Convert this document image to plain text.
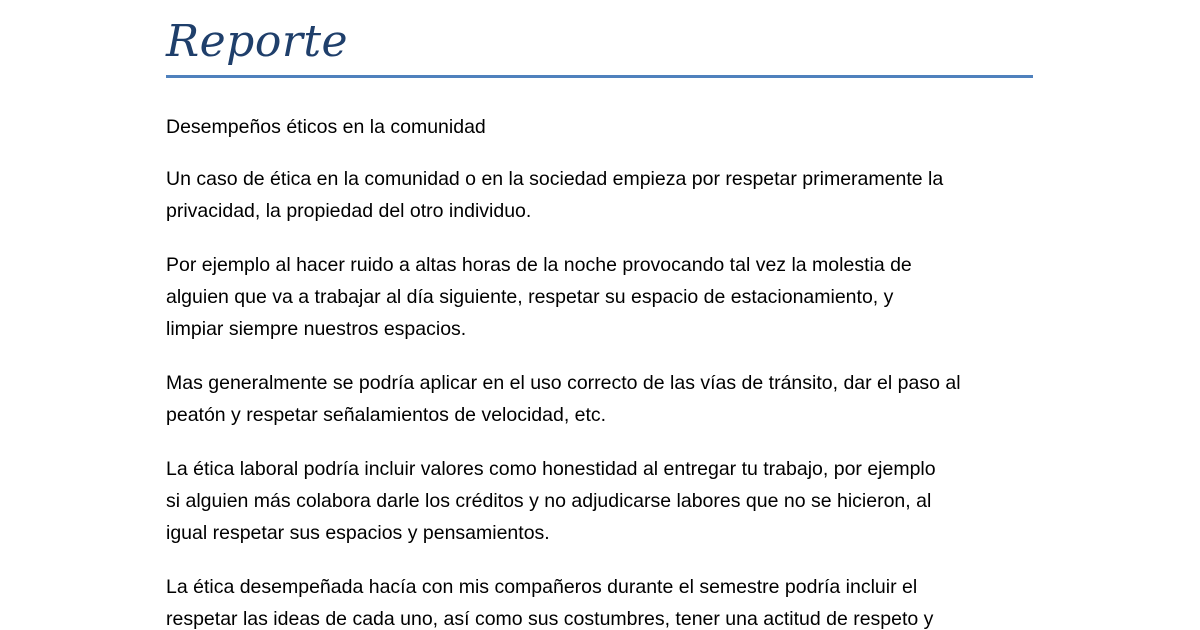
Reporte

Desempeños éticos en la comunidad

Un caso de ética en la comunidad o en la sociedad empieza por respetar primeramente la
privacidad, la propiedad del otro individuo.

Por ejemplo al hacer ruido a altas horas de la noche provocando tal vez la molestia de
alguien que va a trabajar al día siguiente, respetar su espacio de estacionamiento, y
limpiar siempre nuestros espacios.

Mas generalmente se podría aplicar en el uso correcto de las vías de tránsito, dar el paso al
peatón y respetar señalamientos de velocidad, etc.

La ética laboral podría incluir valores como honestidad al entregar tu trabajo, por ejemplo
si alguien más colabora darle los créditos y no adjudicarse labores que no se hicieron, al
igual respetar sus espacios y pensamientos.

La ética desempeñada hacía con mis compañeros durante el semestre podría incluir el
respetar las ideas de cada uno, así como sus costumbres, tener una actitud de respeto y
